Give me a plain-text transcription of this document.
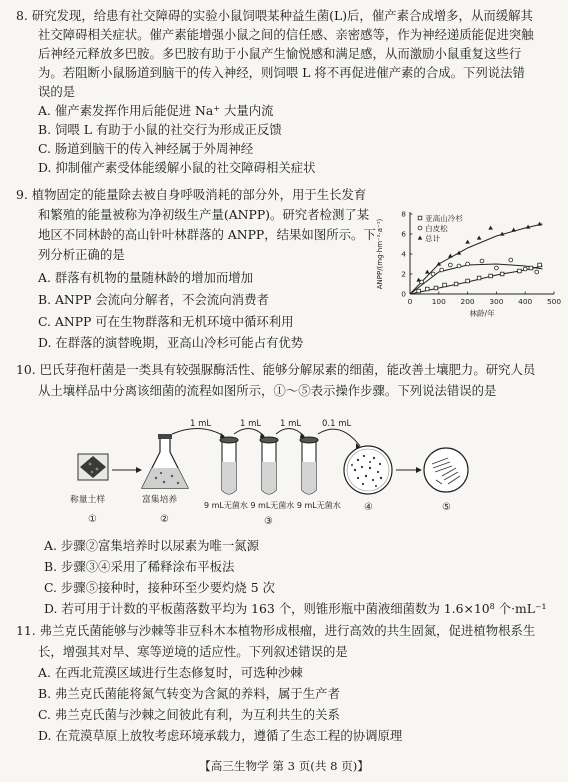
8. 研究发现，给患有社交障碍的实验小鼠饲喂某种益生菌(L)后，催产素合成增多，从而缓解其
社交障碍相关症状。催产素能增强小鼠之间的信任感、亲密感等，作为神经递质能促进突触
后神经元释放多巴胺。多巴胺有助于小鼠产生愉悦感和满足感，从而激励小鼠重复这些行
为。若阻断小鼠肠道到脑干的传入神经，则饲喂 L 将不再促进催产素的合成。下列说法错
误的是
A. 催产素发挥作用后能促进 Na+ 大量内流
B. 饲喂 L 有助于小鼠的社交行为形成正反馈
C. 肠道到脑干的传入神经属于外周神经
D. 抑制催产素受体能缓解小鼠的社交障碍相关症状
9. 植物固定的能量除去被自身呼吸消耗的部分外，用于生长发育
和繁殖的能量被称为净初级生产量(ANPP)。研究者检测了某
地区不同林龄的高山针叶林群落的 ANPP，结果如图所示。下
列分析正确的是
A. 群落有机物的量随林龄的增加而增加
B. ANPP 会流向分解者，不会流向消费者
C. ANPP 可在生物群落和无机环境中循环利用
D. 在群落的演替晚期，亚高山冷杉可能占有优势
0	100 200 300 400 500
0
2
4
6
8
林龄/年
ANPP/(mg·hm⁻²·a⁻¹)
亚高山冷杉
白皮松
总计
10. 巴氏芽孢杆菌是一类具有较强脲酶活性、能够分解尿素的细菌，能改善土壤肥力。研究人员
从土壤样品中分离该细菌的流程如图所示，①～⑤表示操作步骤。下列说法错误的是
称量土样
①
富集培养
②
1 mL	1 mL 1 mL 0.1 mL
9 mL无菌水 9 mL无菌水 9 mL无菌水
③
④	⑤
A. 步骤②富集培养时以尿素为唯一氮源
B. 步骤③④采用了稀释涂布平板法
C. 步骤⑤接种时，接种环至少要灼烧 5 次
D. 若可用于计数的平板菌落数平均为 163 个，则锥形瓶中菌液细菌数为 $1.6\times 10^8$ 个·mL⁻¹
11. 弗兰克氏菌能够与沙棘等非豆科木本植物形成根瘤，进行高效的共生固氮，促进植物根系生
长，增强其对旱、寒等逆境的适应性。下列叙述错误的是
A. 在西北荒漠区域进行生态修复时，可选种沙棘
B. 弗兰克氏菌能将氮气转变为含氮的养料，属于生产者
C. 弗兰克氏菌与沙棘之间彼此有利，为互利共生的关系
D. 在荒漠草原上放牧考虑环境承载力，遵循了生态工程的协调原理
【高三生物学 第 3 页(共 8 页)】
